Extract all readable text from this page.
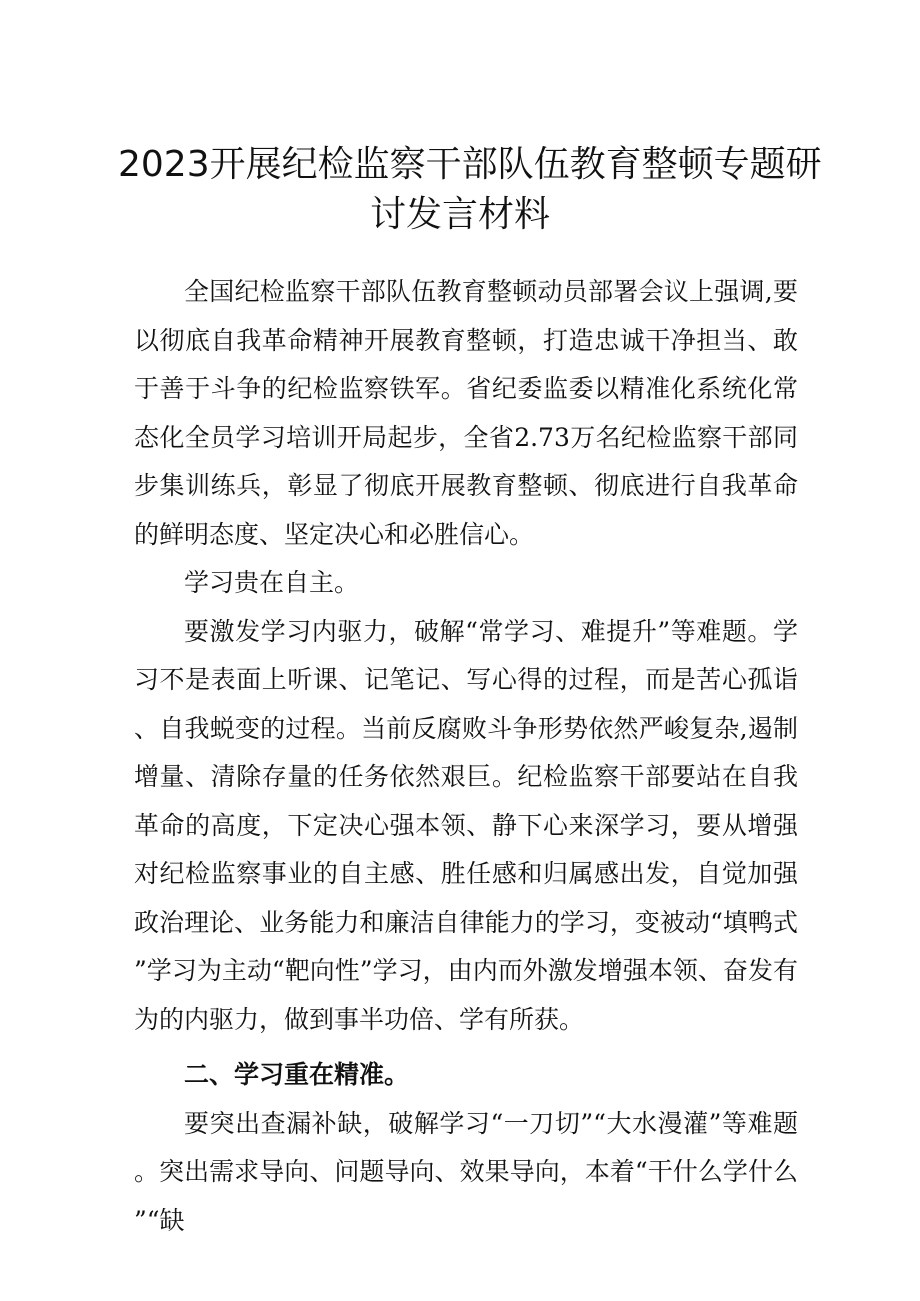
2023开展纪检监察干部队伍教育整顿专题研
讨发言材料

全国纪检监察干部队伍教育整顿动员部署会议上强调,要以彻底自我革命精神开展教育整顿，打造忠诚干净担当、敢于善于斗争的纪检监察铁军。省纪委监委以精准化系统化常态化全员学习培训开局起步，全省2.73万名纪检监察干部同步集训练兵，彰显了彻底开展教育整顿、彻底进行自我革命的鲜明态度、坚定决心和必胜信心。

学习贵在自主。

要激发学习内驱力，破解“常学习、难提升”等难题。学习不是表面上听课、记笔记、写心得的过程，而是苦心孤诣、自我蜕变的过程。当前反腐败斗争形势依然严峻复杂,遏制增量、清除存量的任务依然艰巨。纪检监察干部要站在自我革命的高度，下定决心强本领、静下心来深学习，要从增强对纪检监察事业的自主感、胜任感和归属感出发，自觉加强政治理论、业务能力和廉洁自律能力的学习，变被动“填鸭式”学习为主动“靶向性”学习，由内而外激发增强本领、奋发有为的内驱力，做到事半功倍、学有所获。

二、学习重在精准。

要突出查漏补缺，破解学习“一刀切”“大水漫灌”等难题。突出需求导向、问题导向、效果导向，本着“干什么学什么”“缺
